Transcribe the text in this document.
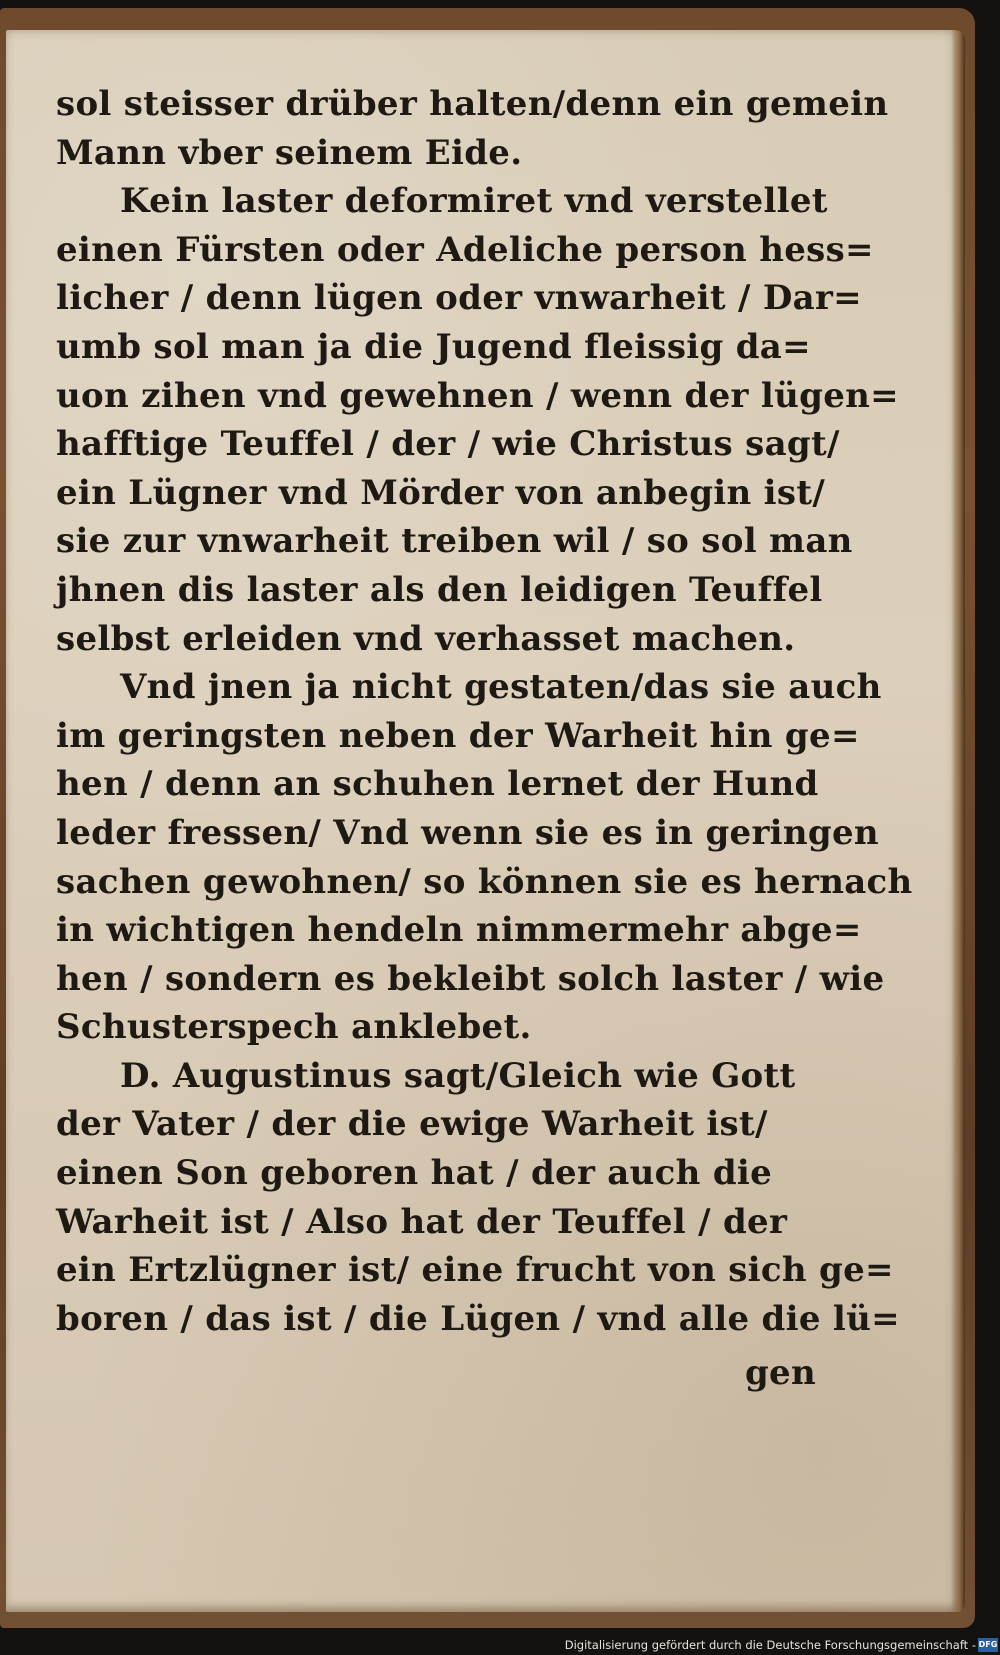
sol steisser drüber halten/denn ein gemein
Mann vber seinem Eide.
Kein laster deformiret vnd verstellet
einen Fürsten oder Adeliche person hess=
licher / denn lügen oder vnwarheit / Dar=
umb sol man ja die Jugend fleissig da=
uon zihen vnd gewehnen / wenn der lügen=
hafftige Teuffel / der / wie Christus sagt/
ein Lügner vnd Mörder von anbegin ist/
sie zur vnwarheit treiben wil / so sol man
jhnen dis laster als den leidigen Teuffel
selbst erleiden vnd verhasset machen.
Vnd jnen ja nicht gestaten/das sie auch
im geringsten neben der Warheit hin ge=
hen / denn an schuhen lernet der Hund
leder fressen/ Vnd wenn sie es in geringen
sachen gewohnen/ so können sie es hernach
in wichtigen hendeln nimmermehr abge=
hen / sondern es bekleibt solch laster / wie
Schusterspech anklebet.
D. Augustinus sagt/Gleich wie Gott
der Vater / der die ewige Warheit ist/
einen Son geboren hat / der auch die
Warheit ist / Also hat der Teuffel / der
ein Ertzlügner ist/ eine frucht von sich ge=
boren / das ist / die Lügen / vnd alle die lü=
gen
Digitalisierung gefördert durch die Deutsche Forschungsgemeinschaft - DFG
